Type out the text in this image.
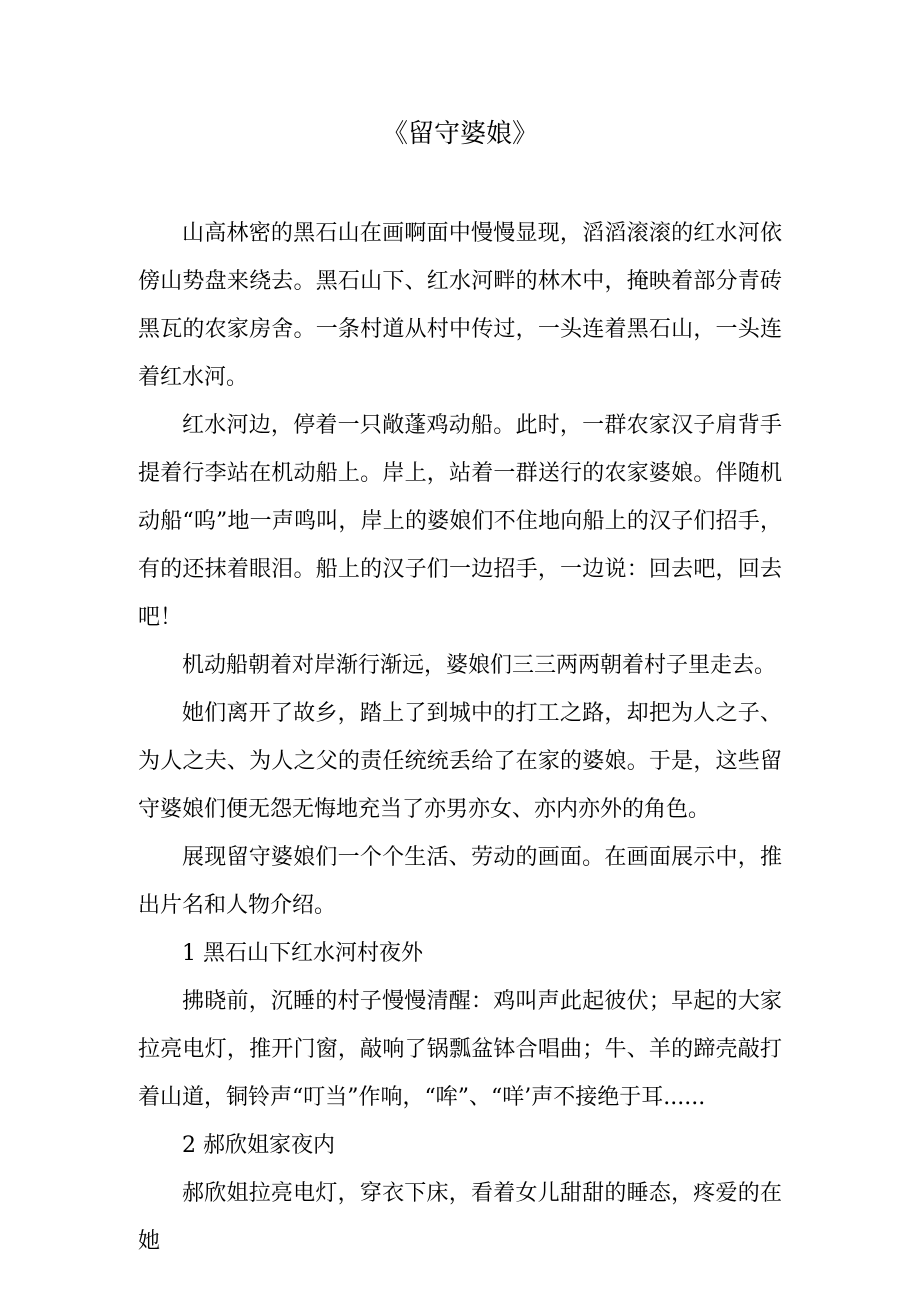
《留守婆娘》

山高林密的黑石山在画啊面中慢慢显现，滔滔滚滚的红水河依傍山势盘来绕去。黑石山下、红水河畔的林木中，掩映着部分青砖黑瓦的农家房舍。一条村道从村中传过，一头连着黑石山，一头连着红水河。

红水河边，停着一只敞蓬鸡动船。此时，一群农家汉子肩背手提着行李站在机动船上。岸上，站着一群送行的农家婆娘。伴随机动船“呜”地一声鸣叫，岸上的婆娘们不住地向船上的汉子们招手，有的还抹着眼泪。船上的汉子们一边招手，一边说：回去吧，回去吧！

机动船朝着对岸渐行渐远，婆娘们三三两两朝着村子里走去。

她们离开了故乡，踏上了到城中的打工之路，却把为人之子、为人之夫、为人之父的责任统统丢给了在家的婆娘。于是，这些留守婆娘们便无怨无悔地充当了亦男亦女、亦内亦外的角色。

展现留守婆娘们一个个生活、劳动的画面。在画面展示中，推出片名和人物介绍。

1 黑石山下红水河村夜外

拂晓前，沉睡的村子慢慢清醒：鸡叫声此起彼伏；早起的大家拉亮电灯，推开门窗，敲响了锅瓢盆钵合唱曲；牛、羊的蹄壳敲打着山道，铜铃声“叮当”作响，“哞”、“咩’声不接绝于耳......

2 郝欣姐家夜内

郝欣姐拉亮电灯，穿衣下床，看着女儿甜甜的睡态，疼爱的在她
